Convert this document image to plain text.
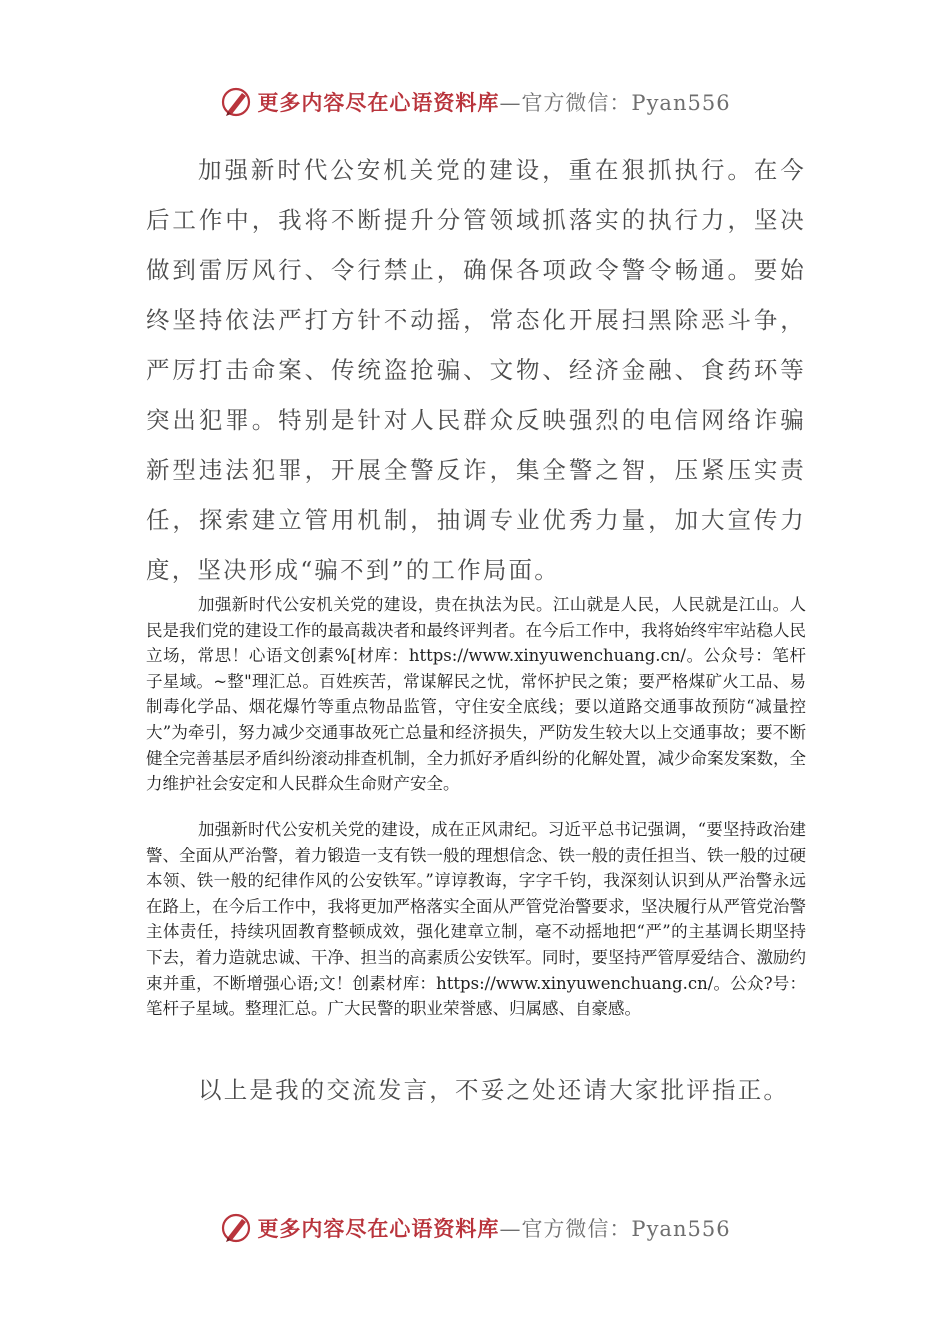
更多内容尽在心语资料库—官方微信：Pyan556

加强新时代公安机关党的建设，重在狠抓执行。在今后工作中，我将不断提升分管领域抓落实的执行力，坚决做到雷厉风行、令行禁止，确保各项政令警令畅通。要始终坚持依法严打方针不动摇，常态化开展扫黑除恶斗争，严厉打击命案、传统盗抢骗、文物、经济金融、食药环等突出犯罪。特别是针对人民群众反映强烈的电信网络诈骗新型违法犯罪，开展全警反诈，集全警之智，压紧压实责任，探索建立管用机制，抽调专业优秀力量，加大宣传力度，坚决形成“骗不到”的工作局面。

加强新时代公安机关党的建设，贵在执法为民。江山就是人民，人民就是江山。人民是我们党的建设工作的最高裁决者和最终评判者。在今后工作中，我将始终牢牢站稳人民立场，常思！心语文创素%[材库：https://www.xinyuwenchuang.cn/。公众号：笔杆子星域。~整"理汇总。百姓疾苦，常谋解民之忧，常怀护民之策；要严格煤矿火工品、易制毒化学品、烟花爆竹等重点物品监管，守住安全底线；要以道路交通事故预防“减量控大”为牵引，努力减少交通事故死亡总量和经济损失，严防发生较大以上交通事故；要不断健全完善基层矛盾纠纷滚动排查机制，全力抓好矛盾纠纷的化解处置，减少命案发案数，全力维护社会安定和人民群众生命财产安全。

加强新时代公安机关党的建设，成在正风肃纪。习近平总书记强调，“要坚持政治建警、全面从严治警，着力锻造一支有铁一般的理想信念、铁一般的责任担当、铁一般的过硬本领、铁一般的纪律作风的公安铁军。”谆谆教诲，字字千钧，我深刻认识到从严治警永远在路上，在今后工作中，我将更加严格落实全面从严管党治警要求，坚决履行从严管党治警主体责任，持续巩固教育整顿成效，强化建章立制，毫不动摇地把“严”的主基调长期坚持下去，着力造就忠诚、干净、担当的高素质公安铁军。同时，要坚持严管厚爱结合、激励约束并重，不断增强心语;文！创素材库：https://www.xinyuwenchuang.cn/。公众?号：笔杆子星域。整理汇总。广大民警的职业荣誉感、归属感、自豪感。

以上是我的交流发言，不妥之处还请大家批评指正。

更多内容尽在心语资料库—官方微信：Pyan556
